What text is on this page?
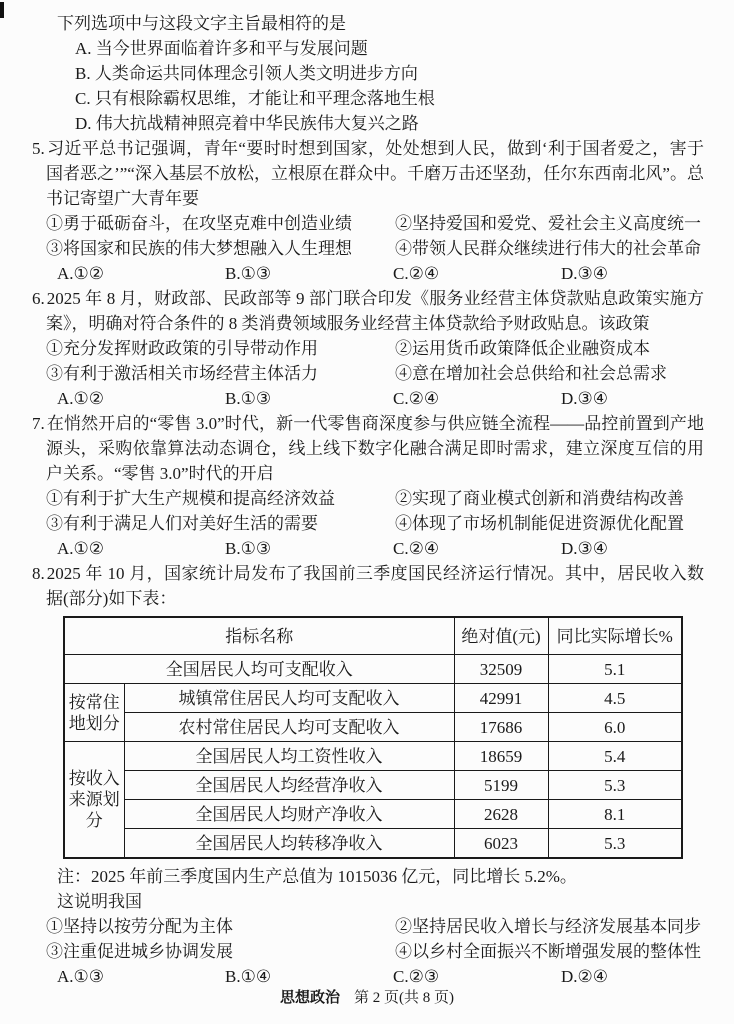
下列选项中与这段文字主旨最相符的是
A. 当今世界面临着许多和平与发展问题
B. 人类命运共同体理念引领人类文明进步方向
C. 只有根除霸权思维，才能让和平理念落地生根
D. 伟大抗战精神照亮着中华民族伟大复兴之路
5. 习近平总书记强调，青年“要时时想到国家，处处想到人民，做到‘利于国者爱之，害于国者恶之’”“深入基层不放松，立根原在群众中。千磨万击还坚劲，任尔东西南北风”。总书记寄望广大青年要
①勇于砥砺奋斗，在攻坚克难中创造业绩	②坚持爱国和爱党、爱社会主义高度统一
③将国家和民族的伟大梦想融入人生理想	④带领人民群众继续进行伟大的社会革命
A.①②	B.①③	C.②④	D.③④
6. 2025 年 8 月，财政部、民政部等 9 部门联合印发《服务业经营主体贷款贴息政策实施方案》，明确对符合条件的 8 类消费领域服务业经营主体贷款给予财政贴息。该政策
①充分发挥财政政策的引导带动作用	②运用货币政策降低企业融资成本
③有利于激活相关市场经营主体活力	④意在增加社会总供给和社会总需求
A.①②	B.①③	C.②④	D.③④
7. 在悄然开启的“零售 3.0”时代，新一代零售商深度参与供应链全流程——品控前置到产地源头，采购依靠算法动态调仓，线上线下数字化融合满足即时需求，建立深度互信的用户关系。“零售 3.0”时代的开启
①有利于扩大生产规模和提高经济效益	②实现了商业模式创新和消费结构改善
③有利于满足人们对美好生活的需要	④体现了市场机制能促进资源优化配置
A.①②	B.①③	C.②④	D.③④
8. 2025 年 10 月，国家统计局发布了我国前三季度国民经济运行情况。其中，居民收入数据(部分)如下表：
指标名称		绝对值(元)	同比实际增长%
全国居民人均可支配收入		32509	5.1
按常住地划分	城镇常住居民人均可支配收入	42991	4.5
	农村常住居民人均可支配收入	17686	6.0
按收入来源划分	全国居民人均工资性收入	18659	5.4
	全国居民人均经营净收入	5199	5.3
	全国居民人均财产净收入	2628	8.1
	全国居民人均转移净收入	6023	5.3
注：2025 年前三季度国内生产总值为 1015036 亿元，同比增长 5.2%。
这说明我国
①坚持以按劳分配为主体	②坚持居民收入增长与经济发展基本同步
③注重促进城乡协调发展	④以乡村全面振兴不断增强发展的整体性
A.①③	B.①④	C.②③	D.②④
思想政治 第 2 页(共 8 页)
